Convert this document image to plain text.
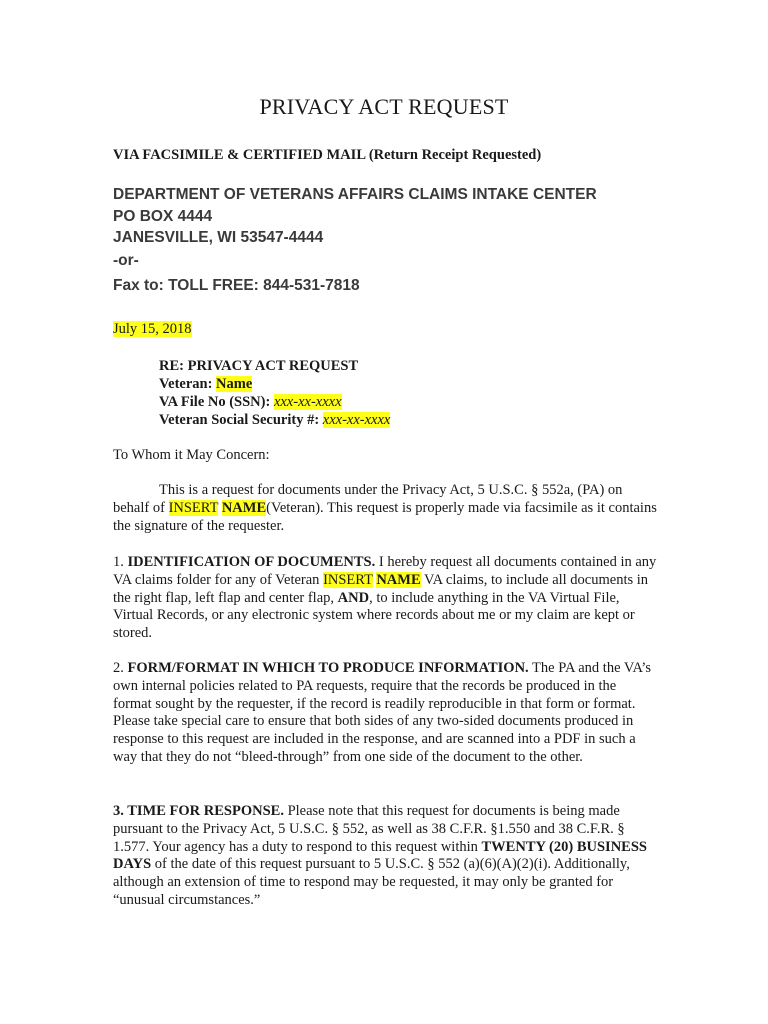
PRIVACY ACT REQUEST
VIA FACSIMILE & CERTIFIED MAIL (Return Receipt Requested)
DEPARTMENT OF VETERANS AFFAIRS CLAIMS INTAKE CENTER
PO BOX 4444
JANESVILLE, WI 53547-4444
-or-
Fax to: TOLL FREE: 844-531-7818
July 15, 2018
RE: PRIVACY ACT REQUEST
Veteran: Name
VA File No (SSN): xxx-xx-xxxx
Veteran Social Security #: xxx-xx-xxxx
To Whom it May Concern:
This is a request for documents under the Privacy Act, 5 U.S.C. § 552a, (PA) on behalf of INSERT NAME(Veteran). This request is properly made via facsimile as it contains the signature of the requester.
1. IDENTIFICATION OF DOCUMENTS. I hereby request all documents contained in any VA claims folder for any of Veteran INSERT NAME VA claims, to include all documents in the right flap, left flap and center flap, AND, to include anything in the VA Virtual File, Virtual Records, or any electronic system where records about me or my claim are kept or stored.
2. FORM/FORMAT IN WHICH TO PRODUCE INFORMATION. The PA and the VA’s own internal policies related to PA requests, require that the records be produced in the format sought by the requester, if the record is readily reproducible in that form or format. Please take special care to ensure that both sides of any two-sided documents produced in response to this request are included in the response, and are scanned into a PDF in such a way that they do not “bleed-through” from one side of the document to the other.
3. TIME FOR RESPONSE. Please note that this request for documents is being made pursuant to the Privacy Act, 5 U.S.C. § 552, as well as 38 C.F.R. §1.550 and 38 C.F.R. § 1.577. Your agency has a duty to respond to this request within TWENTY (20) BUSINESS DAYS of the date of this request pursuant to 5 U.S.C. § 552 (a)(6)(A)(2)(i). Additionally, although an extension of time to respond may be requested, it may only be granted for “unusual circumstances.”
